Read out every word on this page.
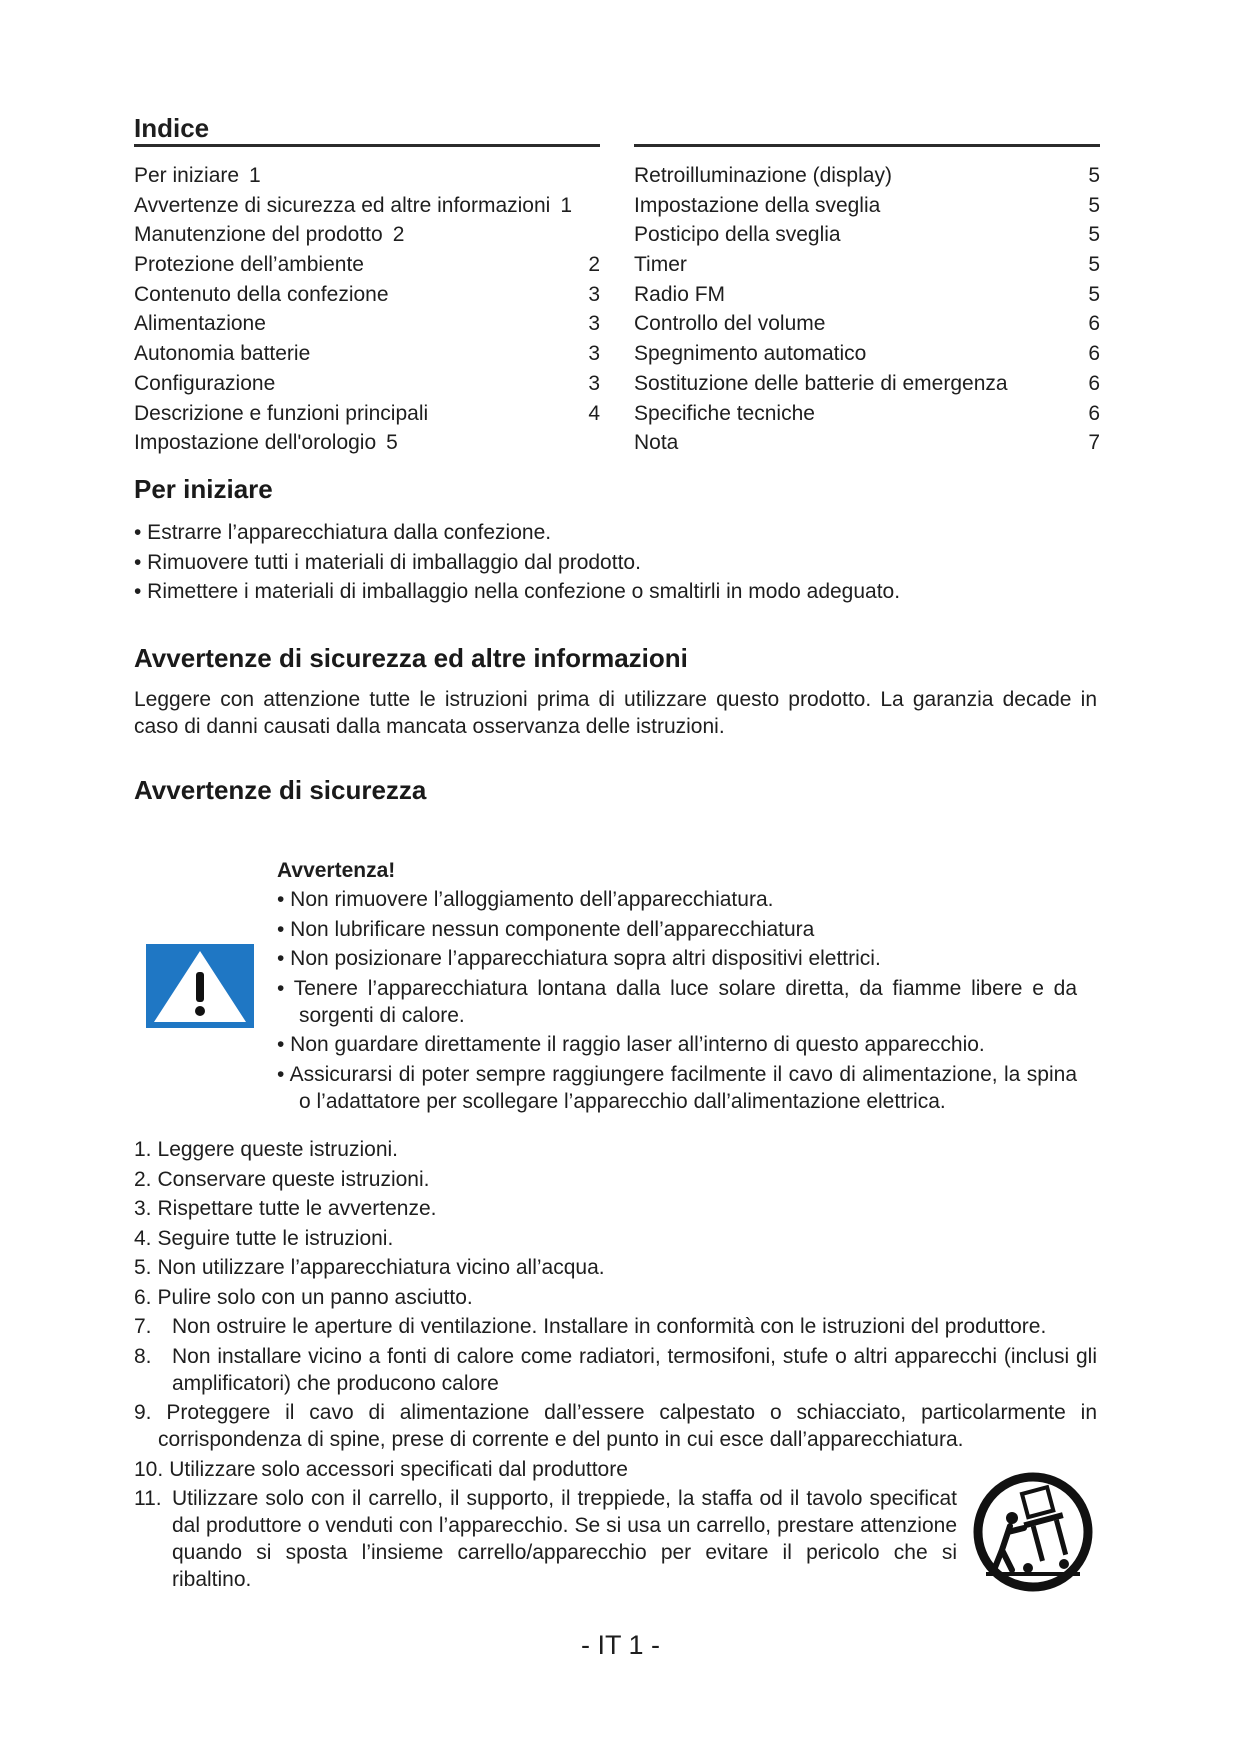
Indice
Per iniziare 1
Avvertenze di sicurezza ed altre informazioni 1
Manutenzione del prodotto 2
Protezione dell’ambiente	2
Contenuto della confezione	3
Alimentazione	3
Autonomia batterie	3
Configurazione	3
Descrizione e funzioni principali	4
Impostazione dell'orologio 5
Retroilluminazione (display)	5
Impostazione della sveglia	5
Posticipo della sveglia	5
Timer	5
Radio FM	5
Controllo del volume	6
Spegnimento automatico	6
Sostituzione delle batterie di emergenza	6
Specifiche tecniche	6
Nota	7
Per iniziare
• Estrarre l’apparecchiatura dalla confezione.
• Rimuovere tutti i materiali di imballaggio dal prodotto.
• Rimettere i materiali di imballaggio nella confezione o smaltirli in modo adeguato.
Avvertenze di sicurezza ed altre informazioni

Leggere con attenzione tutte le istruzioni prima di utilizzare questo prodotto. La garanzia decade in caso di danni causati dalla mancata osservanza delle istruzioni.

Avvertenze di sicurezza
Avvertenza!
• Non rimuovere l’alloggiamento dell’apparecchiatura.
• Non lubrificare nessun componente dell’apparecchiatura
• Non posizionare l’apparecchiatura sopra altri dispositivi elettrici.
• Tenere l’apparecchiatura lontana dalla luce solare diretta, da fiamme libere e da sorgenti di calore.
• Non guardare direttamente il raggio laser all’interno di questo apparecchio.
• Assicurarsi di poter sempre raggiungere facilmente il cavo di alimentazione, la spina o l’adattatore per scollegare l’apparecchio dall’alimentazione elettrica.
1. Leggere queste istruzioni.
2. Conservare queste istruzioni.
3. Rispettare tutte le avvertenze.
4. Seguire tutte le istruzioni.
5. Non utilizzare l’apparecchiatura vicino all’acqua.
6. Pulire solo con un panno asciutto.
7. Non ostruire le aperture di ventilazione. Installare in conformità con le istruzioni del produttore.
8. Non installare vicino a fonti di calore come radiatori, termosifoni, stufe o altri apparecchi (inclusi gli amplificatori) che producono calore
9. Proteggere il cavo di alimentazione dall’essere calpestato o schiacciato, particolarmente in corrispondenza di spine, prese di corrente e del punto in cui esce dall’apparecchiatura.
10. Utilizzare solo accessori specificati dal produttore
11. Utilizzare solo con il carrello, il supporto, il treppiede, la staffa od il tavolo specificat dal produttore o venduti con l’apparecchio. Se si usa un carrello, prestare attenzione quando si sposta l’insieme carrello/apparecchio per evitare il pericolo che si ribaltino.
- IT 1 -
